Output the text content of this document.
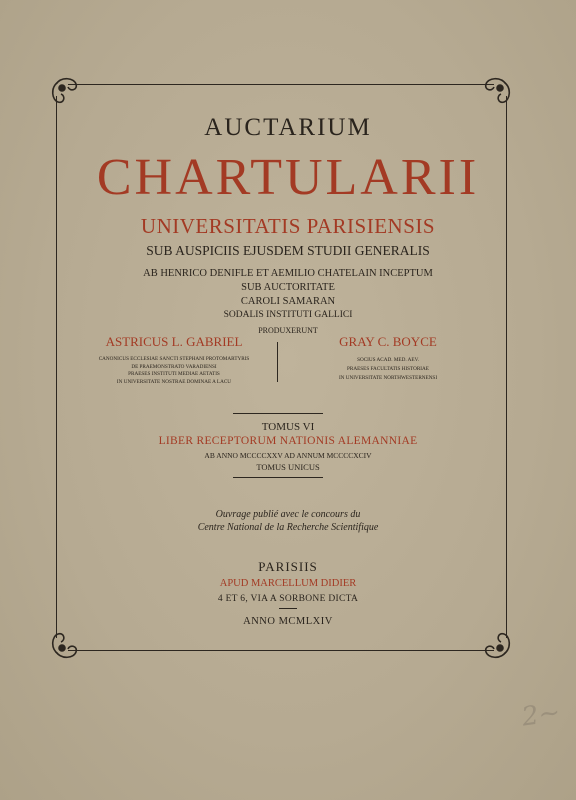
AUCTARIUM
CHARTULARII
UNIVERSITATIS PARISIENSIS
SUB AUSPICIIS EJUSDEM STUDII GENERALIS
AB HENRICO DENIFLE ET AEMILIO CHATELAIN INCEPTUM
SUB AUCTORITATE
CAROLI SAMARAN
SODALIS INSTITUTI GALLICI
PRODUXERUNT
ASTRICUS L. GABRIEL
CANONICUS ECCLESIAE SANCTI STEPHANI PROTOMARTYRIS
DE PRAEMONSTRATO VARADIENSI
PRAESES INSTITUTI MEDIAE AETATIS
IN UNIVERSITATE NOSTRAE DOMINAE A LACU
GRAY C. BOYCE
SOCIUS ACAD. MED. AEV.
PRAESES FACULTATIS HISTORIAE
IN UNIVERSITATE NORTHWESTERNENSI
TOMUS VI
LIBER RECEPTORUM NATIONIS ALEMANNIAE
AB ANNO MCCCCXXV AD ANNUM MCCCCXCIV
TOMUS UNICUS
Ouvrage publié avec le concours du
Centre National de la Recherche Scientifique
PARISIIS
APUD MARCELLUM DIDIER
4 ET 6, VIA A SORBONE DICTA
ANNO MCMLXIV
2~
